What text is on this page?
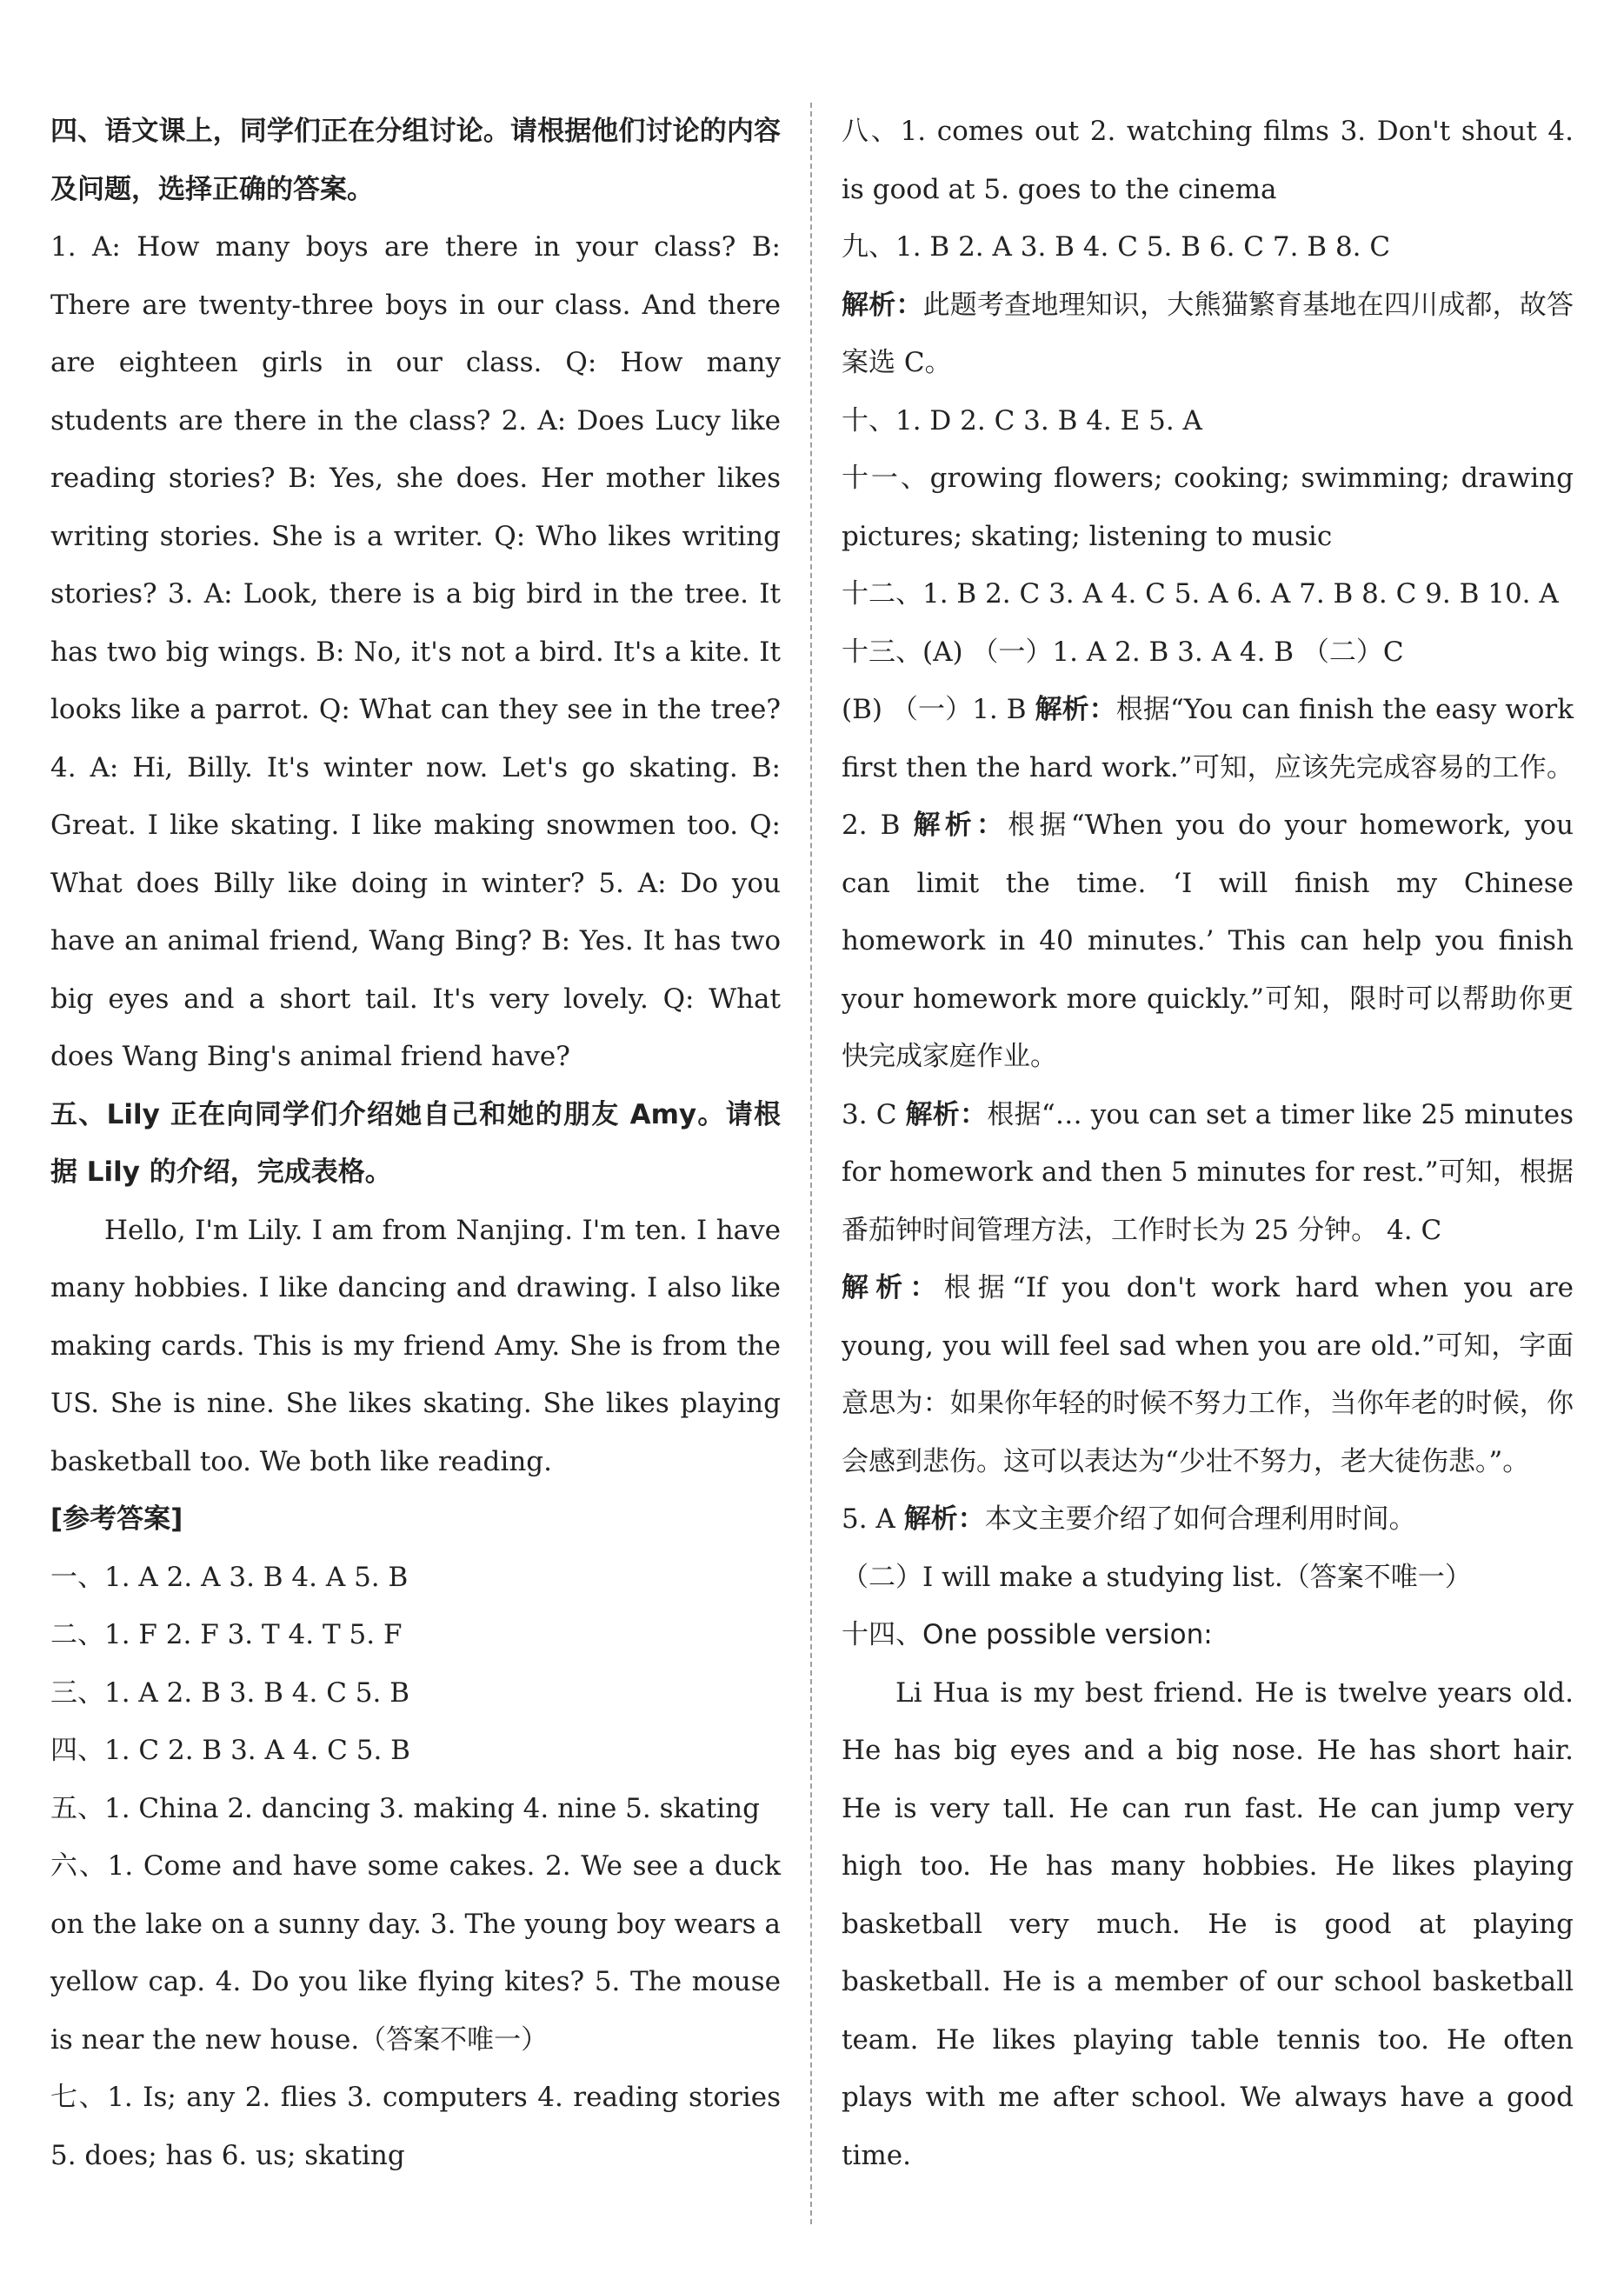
四、语文课上，同学们正在分组讨论。请根据他们讨论的内容及问题，选择正确的答案。

1. A: How many boys are there in your class? B: There are twenty-three boys in our class. And there are eighteen girls in our class. Q: How many students are there in the class? 2. A: Does Lucy like reading stories? B: Yes, she does. Her mother likes writing stories. She is a writer. Q: Who likes writing stories? 3. A: Look, there is a big bird in the tree. It has two big wings. B: No, it's not a bird. It's a kite. It looks like a parrot. Q: What can they see in the tree? 4. A: Hi, Billy. It's winter now. Let's go skating. B: Great. I like skating. I like making snowmen too. Q: What does Billy like doing in winter? 5. A: Do you have an animal friend, Wang Bing? B: Yes. It has two big eyes and a short tail. It's very lovely. Q: What does Wang Bing's animal friend have?

五、Lily 正在向同学们介绍她自己和她的朋友 Amy。请根据 Lily 的介绍，完成表格。

Hello, I'm Lily. I am from Nanjing. I'm ten. I have many hobbies. I like dancing and drawing. I also like making cards. This is my friend Amy. She is from the US. She is nine. She likes skating. She likes playing basketball too. We both like reading.

[参考答案]

一、1. A 2. A 3. B 4. A 5. B

二、1. F 2. F 3. T 4. T 5. F

三、1. A 2. B 3. B 4. C 5. B

四、1. C 2. B 3. A 4. C 5. B

五、1. China 2. dancing 3. making 4. nine 5. skating

六、1. Come and have some cakes. 2. We see a duck on the lake on a sunny day. 3. The young boy wears a yellow cap. 4. Do you like flying kites? 5. The mouse is near the new house.（答案不唯一）

七、1. Is; any 2. flies 3. computers 4. reading stories 5. does; has 6. us; skating

八、1. comes out 2. watching films 3. Don't shout 4. is good at 5. goes to the cinema

九、1. B 2. A 3. B 4. C 5. B 6. C 7. B 8. C

解析：此题考查地理知识，大熊猫繁育基地在四川成都，故答案选 C。

十、1. D 2. C 3. B 4. E 5. A

十一、growing flowers; cooking; swimming; drawing pictures; skating; listening to music

十二、1. B 2. C 3. A 4. C 5. A 6. A 7. B 8. C 9. B 10. A

十三、(A) （一）1. A 2. B 3. A 4. B （二）C

(B) （一）1. B 解析：根据“You can finish the easy work first then the hard work.”可知，应该先完成容易的工作。 2. B 解析：根据“When you do your homework, you can limit the time. ‘I will finish my Chinese homework in 40 minutes.’ This can help you finish your homework more quickly.”可知，限时可以帮助你更快完成家庭作业。

3. C 解析：根据“… you can set a timer like 25 minutes for homework and then 5 minutes for rest.”可知，根据番茄钟时间管理方法，工作时长为 25 分钟。 4. C

解析：根据“If you don't work hard when you are young, you will feel sad when you are old.”可知，字面意思为：如果你年轻的时候不努力工作，当你年老的时候，你会感到悲伤。这可以表达为“少壮不努力，老大徒伤悲。”。

5. A 解析：本文主要介绍了如何合理利用时间。

（二）I will make a studying list.（答案不唯一）

十四、One possible version:

Li Hua is my best friend. He is twelve years old. He has big eyes and a big nose. He has short hair. He is very tall. He can run fast. He can jump very high too. He has many hobbies. He likes playing basketball very much. He is good at playing basketball. He is a member of our school basketball team. He likes playing table tennis too. He often plays with me after school. We always have a good time.
